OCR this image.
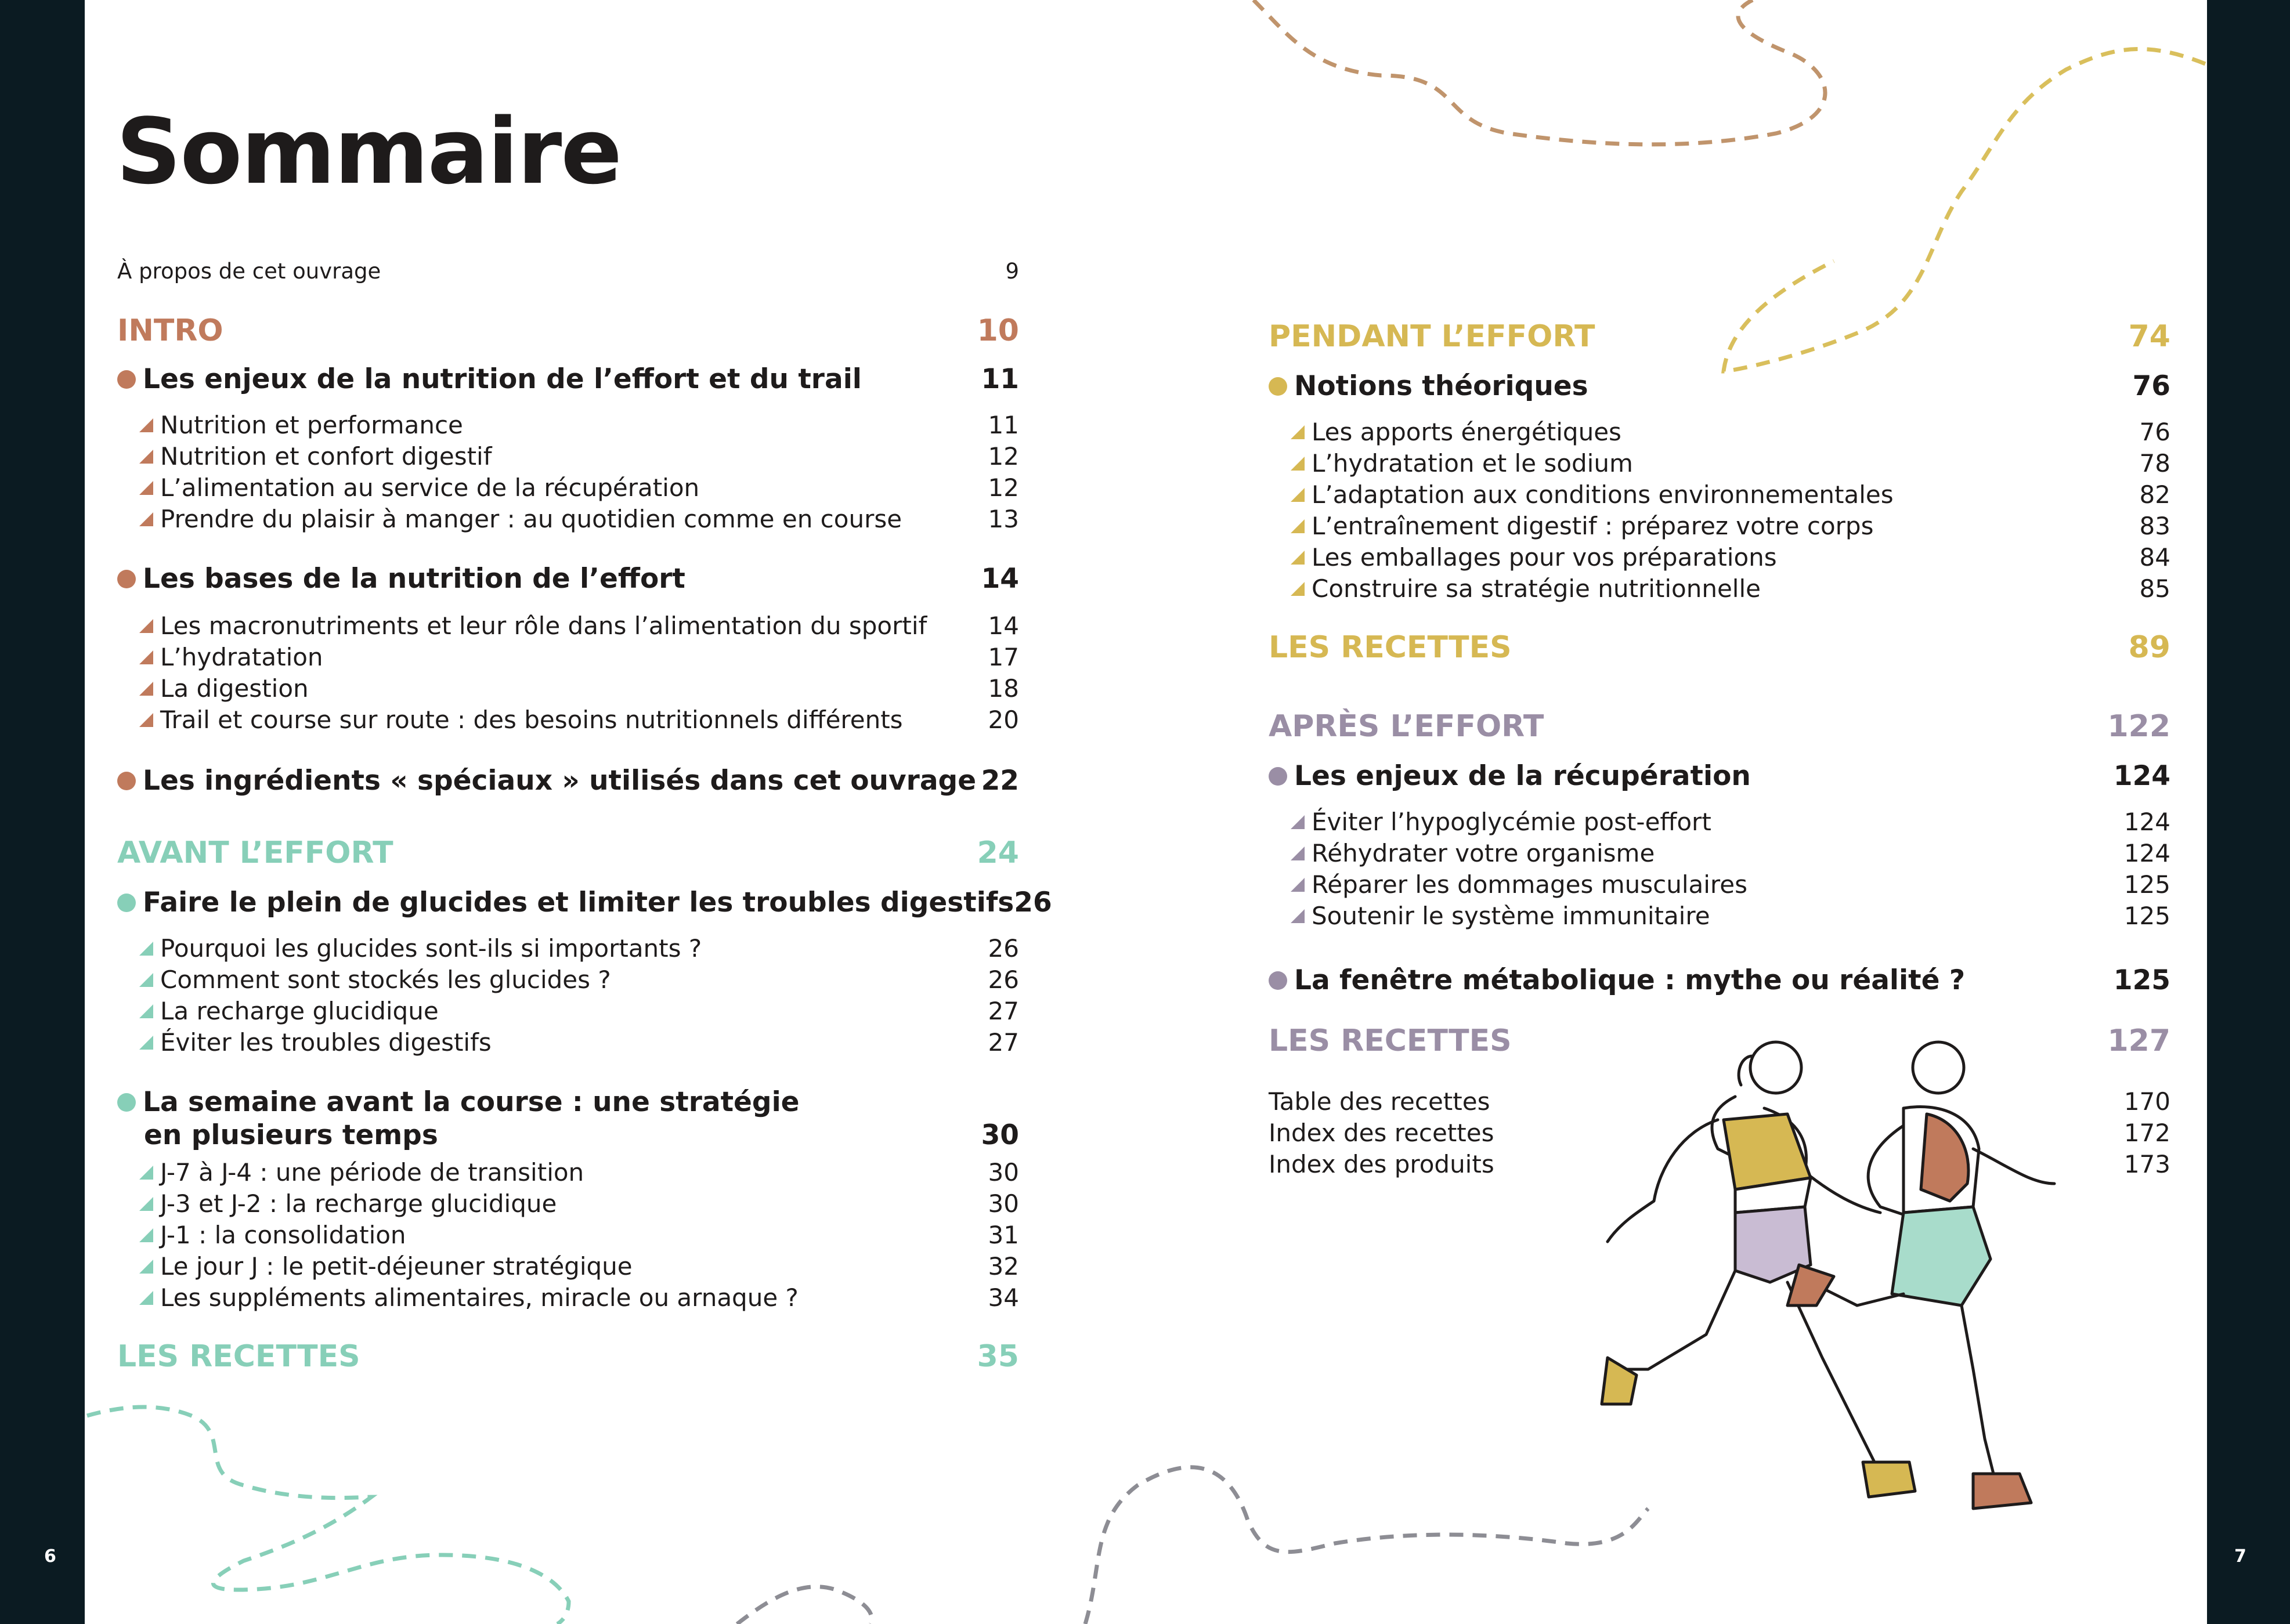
Sommaire
À propos de cet ouvrage	9
INTRO	10
Les enjeux de la nutrition de l’effort et du trail	11
Nutrition et performance	11
Nutrition et confort digestif	12
L’alimentation au service de la récupération	12
Prendre du plaisir à manger : au quotidien comme en course	13
Les bases de la nutrition de l’effort	14
Les macronutriments et leur rôle dans l’alimentation du sportif	14
L’hydratation	17
La digestion	18
Trail et course sur route : des besoins nutritionnels différents	20
Les ingrédients « spéciaux » utilisés dans cet ouvrage 22
AVANT L’EFFORT	24
Faire le plein de glucides et limiter les troubles digestifs 26
Pourquoi les glucides sont-ils si importants ?	26
Comment sont stockés les glucides ?	26
La recharge glucidique	27
Éviter les troubles digestifs	27
La semaine avant la course : une stratégie
en plusieurs temps	30
J-7 à J-4 : une période de transition	30
J-3 et J-2 : la recharge glucidique	30
J-1 : la consolidation	31
Le jour J : le petit-déjeuner stratégique	32
Les suppléments alimentaires, miracle ou arnaque ?	34
LES RECETTES	35
PENDANT L’EFFORT	74
Notions théoriques	76
Les apports énergétiques	76
L’hydratation et le sodium	78
L’adaptation aux conditions environnementales	82
L’entraînement digestif : préparez votre corps	83
Les emballages pour vos préparations	84
Construire sa stratégie nutritionnelle	85
LES RECETTES	89
APRÈS L’EFFORT	122
Les enjeux de la récupération	124
Éviter l’hypoglycémie post-effort	124
Réhydrater votre organisme	124
Réparer les dommages musculaires	125
Soutenir le système immunitaire	125
La fenêtre métabolique : mythe ou réalité ?	125
LES RECETTES	127
Table des recettes	170
Index des recettes	172
Index des produits	173
6	7
